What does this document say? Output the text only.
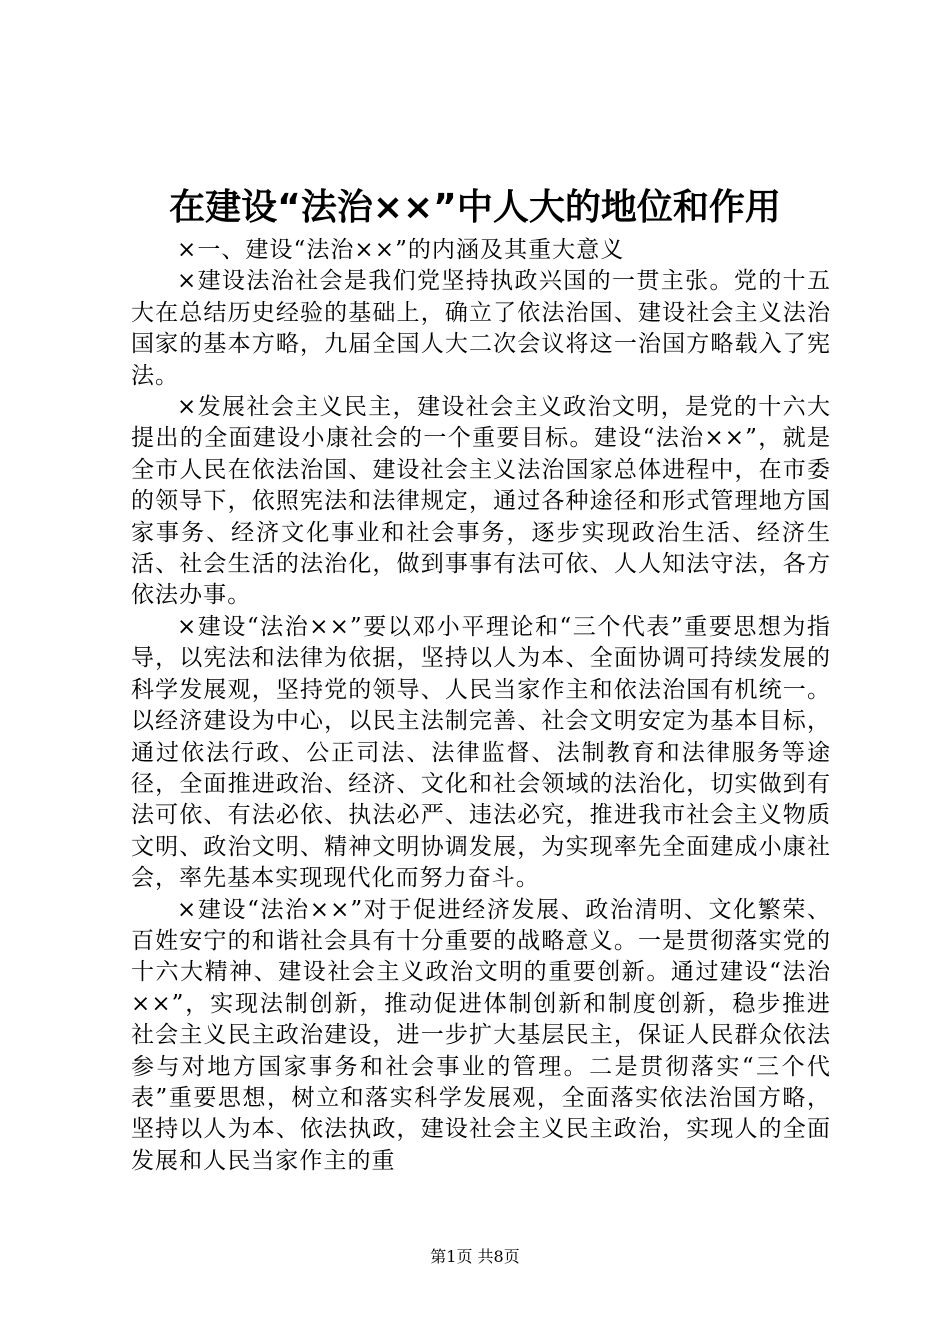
在建设“法治××”中人大的地位和作用

×一、建设“法治××”的内涵及其重大意义

×建设法治社会是我们党坚持执政兴国的一贯主张。党的十五大在总结历史经验的基础上，确立了依法治国、建设社会主义法治国家的基本方略，九届全国人大二次会议将这一治国方略载入了宪法。

×发展社会主义民主，建设社会主义政治文明，是党的十六大提出的全面建设小康社会的一个重要目标。建设“法治××”，就是全市人民在依法治国、建设社会主义法治国家总体进程中，在市委的领导下，依照宪法和法律规定，通过各种途径和形式管理地方国家事务、经济文化事业和社会事务，逐步实现政治生活、经济生活、社会生活的法治化，做到事事有法可依、人人知法守法，各方依法办事。

×建设“法治××”要以邓小平理论和“三个代表”重要思想为指导，以宪法和法律为依据，坚持以人为本、全面协调可持续发展的科学发展观，坚持党的领导、人民当家作主和依法治国有机统一。以经济建设为中心，以民主法制完善、社会文明安定为基本目标，通过依法行政、公正司法、法律监督、法制教育和法律服务等途径，全面推进政治、经济、文化和社会领域的法治化，切实做到有法可依、有法必依、执法必严、违法必究，推进我市社会主义物质文明、政治文明、精神文明协调发展，为实现率先全面建成小康社会，率先基本实现现代化而努力奋斗。

×建设“法治××”对于促进经济发展、政治清明、文化繁荣、百姓安宁的和谐社会具有十分重要的战略意义。一是贯彻落实党的十六大精神、建设社会主义政治文明的重要创新。通过建设“法治××”，实现法制创新，推动促进体制创新和制度创新，稳步推进社会主义民主政治建设，进一步扩大基层民主，保证人民群众依法参与对地方国家事务和社会事业的管理。二是贯彻落实“三个代表”重要思想，树立和落实科学发展观，全面落实依法治国方略，坚持以人为本、依法执政，建设社会主义民主政治，实现人的全面发展和人民当家作主的重

第1页 共8页
